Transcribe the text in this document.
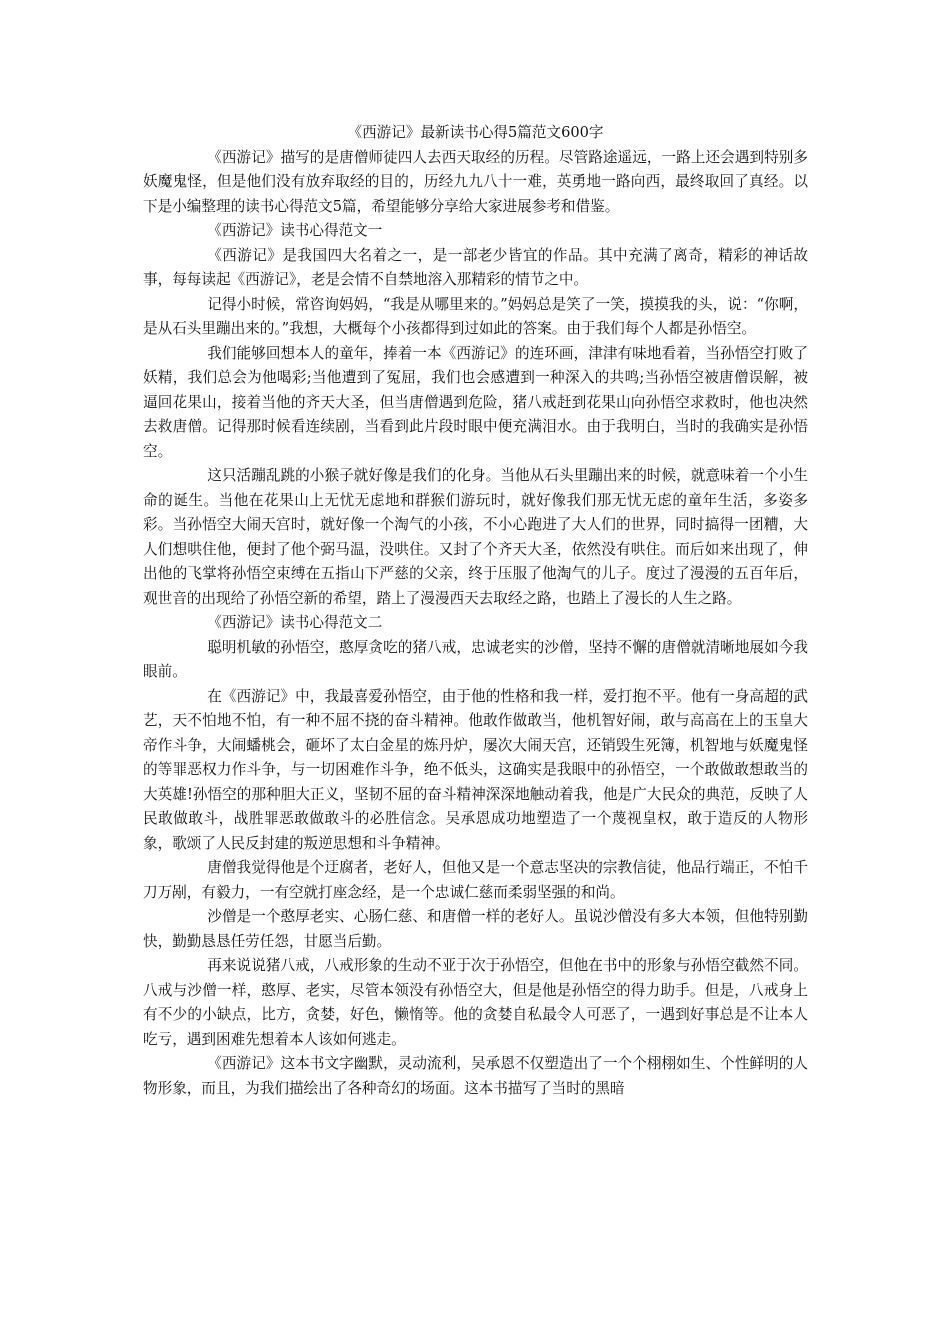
《西游记》最新读书心得5篇范文600字

《西游记》描写的是唐僧师徒四人去西天取经的历程。尽管路途遥远，一路上还会遇到特别多妖魔鬼怪，但是他们没有放弃取经的目的，历经九九八十一难，英勇地一路向西，最终取回了真经。以下是小编整理的读书心得范文5篇，希望能够分享给大家进展参考和借鉴。

《西游记》读书心得范文一

《西游记》是我国四大名着之一，是一部老少皆宜的作品。其中充满了离奇，精彩的神话故事，每每读起《西游记》，老是会情不自禁地溶入那精彩的情节之中。

记得小时候，常咨询妈妈，“我是从哪里来的。”妈妈总是笑了一笑，摸摸我的头，说：“你啊，是从石头里蹦出来的。”我想，大概每个小孩都得到过如此的答案。由于我们每个人都是孙悟空。

我们能够回想本人的童年，捧着一本《西游记》的连环画，津津有味地看着，当孙悟空打败了妖精，我们总会为他喝彩;当他遭到了冤屈，我们也会感遭到一种深入的共鸣;当孙悟空被唐僧误解，被逼回花果山，接着当他的齐天大圣，但当唐僧遇到危险，猪八戒赶到花果山向孙悟空求救时，他也决然去救唐僧。记得那时候看连续剧，当看到此片段时眼中便充满泪水。由于我明白，当时的我确实是孙悟空。

这只活蹦乱跳的小猴子就好像是我们的化身。当他从石头里蹦出来的时候，就意味着一个小生命的诞生。当他在花果山上无忧无虑地和群猴们游玩时，就好像我们那无忧无虑的童年生活，多姿多彩。当孙悟空大闹天宫时，就好像一个淘气的小孩，不小心跑进了大人们的世界，同时搞得一团糟，大人们想哄住他，便封了他个弼马温，没哄住。又封了个齐天大圣，依然没有哄住。而后如来出现了，伸出他的飞掌将孙悟空束缚在五指山下严慈的父亲，终于压服了他淘气的儿子。度过了漫漫的五百年后，观世音的出现给了孙悟空新的希望，踏上了漫漫西天去取经之路，也踏上了漫长的人生之路。

《西游记》读书心得范文二

聪明机敏的孙悟空，憨厚贪吃的猪八戒，忠诚老实的沙僧，坚持不懈的唐僧就清晰地展如今我眼前。

在《西游记》中，我最喜爱孙悟空，由于他的性格和我一样，爱打抱不平。他有一身高超的武艺，天不怕地不怕，有一种不屈不挠的奋斗精神。他敢作做敢当，他机智好闹，敢与高高在上的玉皇大帝作斗争，大闹蟠桃会，砸坏了太白金星的炼丹炉，屡次大闹天宫，还销毁生死簿，机智地与妖魔鬼怪的等罪恶权力作斗争，与一切困难作斗争，绝不低头，这确实是我眼中的孙悟空，一个敢做敢想敢当的大英雄!孙悟空的那种胆大正义，坚韧不屈的奋斗精神深深地触动着我，他是广大民众的典范，反映了人民敢做敢斗，战胜罪恶敢做敢斗的必胜信念。吴承恩成功地塑造了一个蔑视皇权，敢于造反的人物形象，歌颂了人民反封建的叛逆思想和斗争精神。

唐僧我觉得他是个迂腐者，老好人，但他又是一个意志坚决的宗教信徒，他品行端正，不怕千刀万剐，有毅力，一有空就打座念经，是一个忠诚仁慈而柔弱坚强的和尚。

沙僧是一个憨厚老实、心肠仁慈、和唐僧一样的老好人。虽说沙僧没有多大本领，但他特别勤快，勤勤恳恳任劳任怨，甘愿当后勤。

再来说说猪八戒，八戒形象的生动不亚于次于孙悟空，但他在书中的形象与孙悟空截然不同。八戒与沙僧一样，憨厚、老实，尽管本领没有孙悟空大，但是他是孙悟空的得力助手。但是，八戒身上有不少的小缺点，比方，贪婪，好色，懒惰等。他的贪婪自私最令人可恶了，一遇到好事总是不让本人吃亏，遇到困难先想着本人该如何逃走。

《西游记》这本书文字幽默，灵动流利，吴承恩不仅塑造出了一个个栩栩如生、个性鲜明的人物形象，而且，为我们描绘出了各种奇幻的场面。这本书描写了当时的黑暗
